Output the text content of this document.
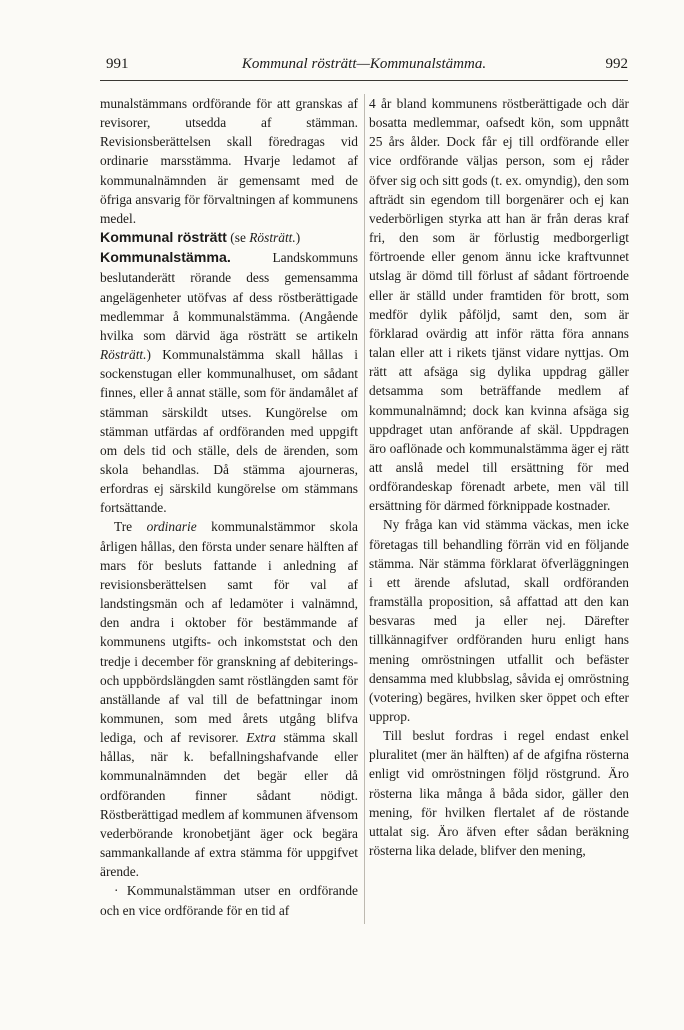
991	Kommunal rösträtt—Kommunalstämma.	992

munalstämmans ordförande för att granskas af revisorer, utsedda af stämman. Revisionsberättelsen skall föredragas vid ordinarie marsstämma. Hvarje ledamot af kommunalnämnden är gemensamt med de öfriga ansvarig för förvaltningen af kommunens medel.

Kommunal rösträtt (se Rösträtt.)

Kommunalstämma. Landskommuns beslutanderätt rörande dess gemensamma angelägenheter utöfvas af dess röstberättigade medlemmar å kommunalstämma. (Angående hvilka som därvid äga rösträtt se artikeln Rösträtt.) Kommunalstämma skall hållas i sockenstugan eller kommunalhuset, om sådant finnes, eller å annat ställe, som för ändamålet af stämman särskildt utses. Kungörelse om stämman utfärdas af ordföranden med uppgift om dels tid och ställe, dels de ärenden, som skola behandlas. Då stämma ajourneras, erfordras ej särskild kungörelse om stämmans fortsättande.

Tre ordinarie kommunalstämmor skola årligen hållas, den första under senare hälften af mars för besluts fattande i anledning af revisionsberättelsen samt för val af landstingsmän och af ledamöter i valnämnd, den andra i oktober för bestämmande af kommunens utgifts- och inkomststat och den tredje i december för granskning af debiterings- och uppbördslängden samt röstlängden samt för anställande af val till de befattningar inom kommunen, som med årets utgång blifva lediga, och af revisorer. Extra stämma skall hållas, när k. befallningshafvande eller kommunalnämnden det begär eller då ordföranden finner sådant nödigt. Röstberättigad medlem af kommunen äfvensom vederbörande kronobetjänt äger ock begära sammankallande af extra stämma för uppgifvet ärende.

· Kommunalstämman utser en ordförande och en vice ordförande för en tid af

4 år bland kommunens röstberättigade och där bosatta medlemmar, oafsedt kön, som uppnått 25 års ålder. Dock får ej till ordförande eller vice ordförande väljas person, som ej råder öfver sig och sitt gods (t. ex. omyndig), den som afträdt sin egendom till borgenärer och ej kan vederbörligen styrka att han är från deras kraf fri, den som är förlustig medborgerligt förtroende eller genom ännu icke kraftvunnet utslag är dömd till förlust af sådant förtroende eller är ställd under framtiden för brott, som medför dylik påföljd, samt den, som är förklarad ovärdig att inför rätta föra annans talan eller att i rikets tjänst vidare nyttjas. Om rätt att afsäga sig dylika uppdrag gäller detsamma som beträffande medlem af kommunalnämnd; dock kan kvinna afsäga sig uppdraget utan anförande af skäl. Uppdragen äro oaflönade och kommunalstämma äger ej rätt att anslå medel till ersättning för med ordförandeskap förenadt arbete, men väl till ersättning för därmed förknippade kostnader.

Ny fråga kan vid stämma väckas, men icke företagas till behandling förrän vid en följande stämma. När stämma förklarat öfverläggningen i ett ärende afslutad, skall ordföranden framställa proposition, så affattad att den kan besvaras med ja eller nej. Därefter tillkännagifver ordföranden huru enligt hans mening omröstningen utfallit och befäster densamma med klubbslag, såvida ej omröstning (votering) begäres, hvilken sker öppet och efter upprop.

Till beslut fordras i regel endast enkel pluralitet (mer än hälften) af de afgifna rösterna enligt vid omröstningen följd röstgrund. Äro rösterna lika många å båda sidor, gäller den mening, för hvilken flertalet af de röstande uttalat sig. Äro äfven efter sådan beräkning rösterna lika delade, blifver den mening,
